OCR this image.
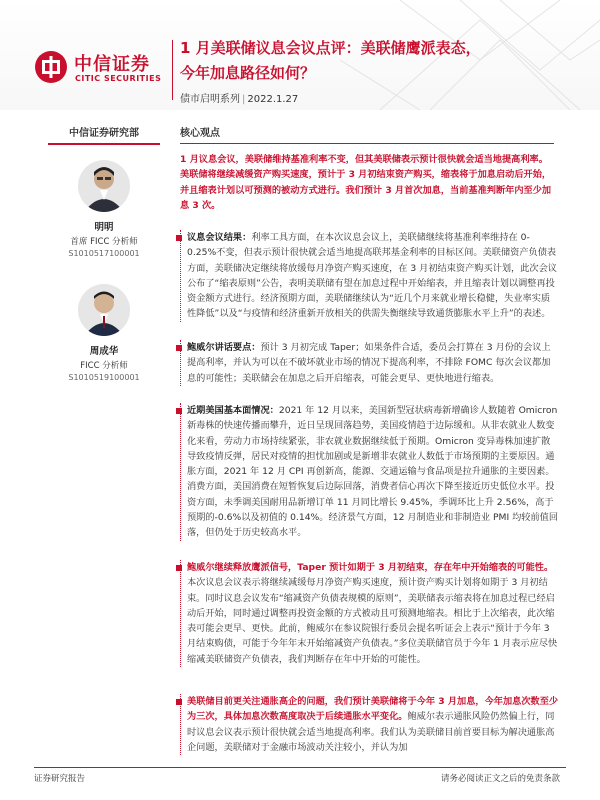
中信证券
CITIC SECURITIES
1 月美联储议息会议点评：美联储鹰派表态，
今年加息路径如何？
债市启明系列 | 2022.1.27
中信证券研究部	核心观点
明明
首席 FICC 分析师
S1010517100001
周成华
FICC 分析师
S1010519100001
1 月议息会议，美联储维持基准利率不变，但其美联储表示预计很快就会适当地提高利率。美联储将继续减缓资产购买速度，预计于 3 月初结束资产购买，缩表将于加息启动后开始，并且缩表计划以可预测的被动方式进行。我们预计 3 月首次加息，当前基准判断年内至少加息 3 次。
议息会议结果：利率工具方面，在本次议息会议上，美联储继续将基准利率维持在 0-0.25%不变，但表示预计很快就会适当地提高联邦基金利率的目标区间。美联储资产负债表方面，美联储决定继续将放缓每月净资产购买速度，在 3 月初结束资产购买计划，此次会议公布了“缩表原则”公告，表明美联储有望在加息过程中开始缩表，并且缩表计划以调整再投资金额方式进行。经济预期方面，美联储继续认为“近几个月来就业增长稳健，失业率实质性降低”以及“与疫情和经济重新开放相关的供需失衡继续导致通货膨胀水平上升”的表述。
鲍威尔讲话要点：预计 3 月初完成 Taper；如果条件合适，委员会打算在 3 月份的会议上提高利率，并认为可以在不破坏就业市场的情况下提高利率，不排除 FOMC 每次会议都加息的可能性；美联储会在加息之后开启缩表，可能会更早、更快地进行缩表。
近期美国基本面情况：2021 年 12 月以来，美国新型冠状病毒新增确诊人数随着 Omicron 新毒株的快速传播而攀升，近日呈现回落趋势，美国疫情趋于边际缓和。从非农就业人数变化来看，劳动力市场持续紧张，非农就业数据继续低于预期。Omicron 变异毒株加速扩散导致疫情反弹，居民对疫情的担忧加剧或是新增非农就业人数低于市场预期的主要原因。通胀方面，2021 年 12 月 CPI 再创新高，能源、交通运输与食品项是拉升通胀的主要因素。消费方面，美国消费在短暂恢复后边际回落，消费者信心再次下降至接近历史低位水平。投资方面，未季调美国耐用品新增订单 11 月同比增长 9.45%，季调环比上升 2.56%，高于预期的-0.6%以及初值的 0.14%。经济景气方面，12 月制造业和非制造业 PMI 均较前值回落，但仍处于历史较高水平。
鲍威尔继续释放鹰派信号，Taper 预计如期于 3 月初结束，存在年中开始缩表的可能性。本次议息会议表示将继续减缓每月净资产购买速度，预计资产购买计划将如期于 3 月初结束。同时议息会议发布“缩减资产负债表规模的原则”，美联储表示缩表将在加息过程已经启动后开始，同时通过调整再投资金额的方式被动且可预测地缩表。相比于上次缩表，此次缩表可能会更早、更快。此前，鲍威尔在参议院银行委员会提名听证会上表示“预计于今年 3 月结束购债，可能于今年年末开始缩减资产负债表。”多位美联储官员于今年 1 月表示应尽快缩减美联储资产负债表，我们判断存在年中开始的可能性。
美联储目前更关注通胀高企的问题，我们预计美联储将于今年 3 月加息，今年加息次数至少为三次，具体加息次数高度取决于后续通胀水平变化。鲍威尔表示通胀风险仍然偏上行，同时议息会议表示预计很快就会适当地提高利率。我们认为美联储目前首要目标为解决通胀高企问题，美联储对于金融市场波动关注较小，并认为加
证券研究报告	请务必阅读正文之后的免责条款
